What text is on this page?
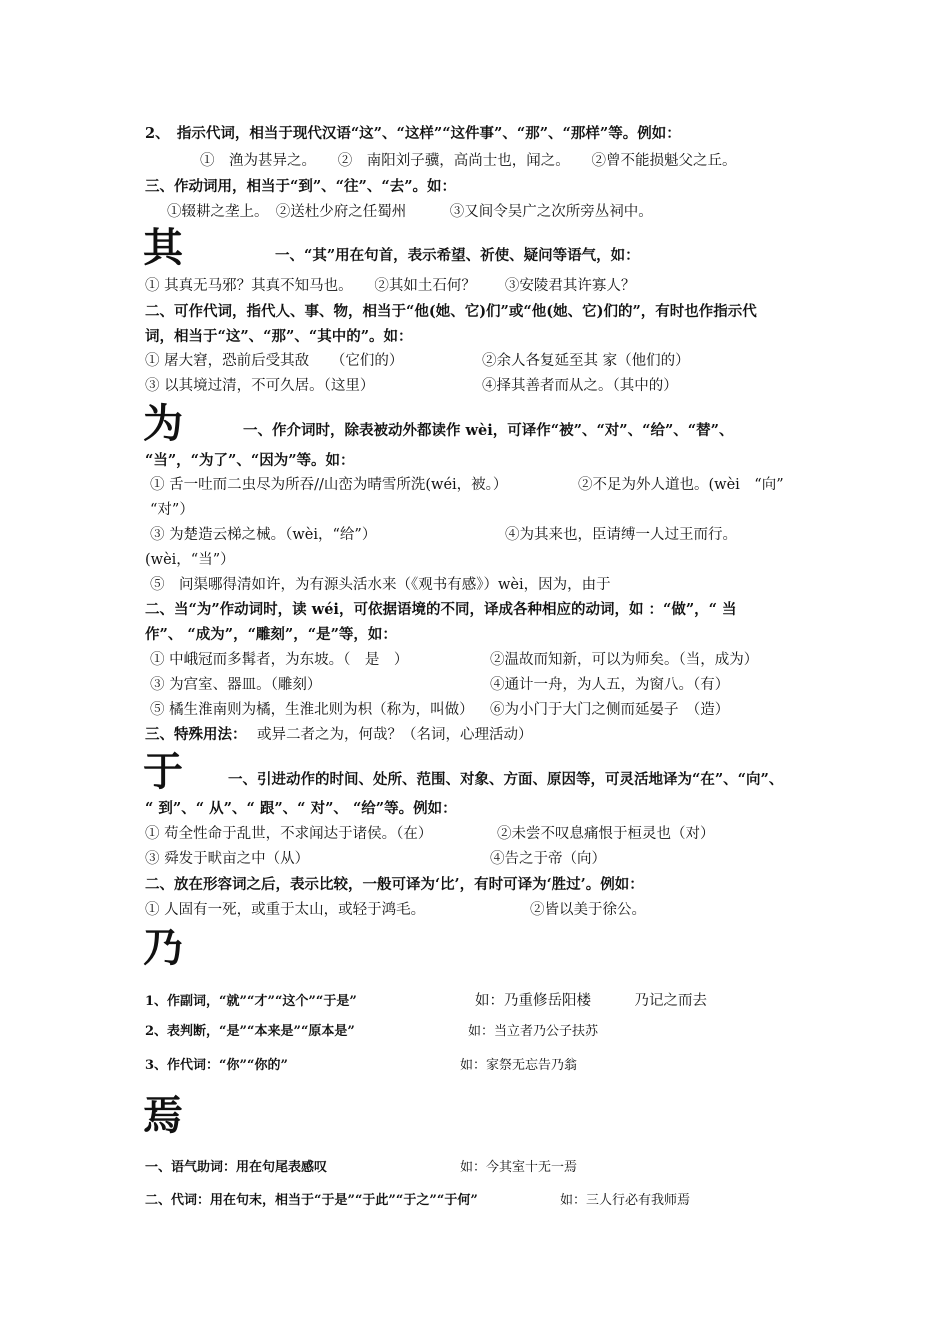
2、　指示代词，相当于现代汉语“这”、“这样”“这件事”、“那”、“那样”等。例如：
①　渔为甚异之。　　②　南阳刘子骥，高尚士也，闻之。　　②曾不能损魁父之丘。
三、作动词用，相当于“到”、“往”、“去”。如：
①辍耕之垄上。　②送杜少府之任蜀州　　　③又间令吴广之次所旁丛祠中。
其	一、“其”用在句首，表示希望、祈使、疑问等语气，如：
① 其真无马邪？其真不知马也。　　②其如土石何？　　③安陵君其许寡人？
二、可作代词，指代人、事、物，相当于“他(她、它)们”或“他(她、它)们的”，有时也作指示代
词，相当于“这”、“那”、“其中的”。如：
① 屠大窘，恐前后受其敌　　（它们的）	②余人各复延至其 家（他们的）
③ 以其境过清，不可久居。（这里）	④择其善者而从之。（其中的）
为	一、作介词时，除表被动外都读作 wèi，可译作“被”、“对”、“给”、“替”、
“当”，“为了”、“因为”等。如：
① 舌一吐而二虫尽为所吞//山峦为晴雪所洗(wéi，被。）	②不足为外人道也。(wèi　“向”
“对”）
③ 为楚造云梯之械。（wèi，“给”）	④为其来也，臣请缚一人过王而行。
(wèi，“当”）
⑤　问渠哪得清如许，为有源头活水来（《观书有感》）wèi，因为，由于
二、当“为”作动词时，读 wéi，可依据语境的不同，译成各种相应的动词，如 ：“做”，“ 当
作”、 “成为”，“雕刻”，“是”等，如：
① 中峨冠而多髯者，为东坡。（　是　）	②温故而知新，可以为师矣。（当，成为）
③ 为宫室、器皿。（雕刻）	④通计一舟，为人五，为窗八。（有）
⑤ 橘生淮南则为橘，生淮北则为枳（称为，叫做） ⑥为小门于大门之侧而延晏子　（造）
三、特殊用法： 或异二者之为，何哉？（名词，心理活动）
于	一、引进动作的时间、处所、范围、对象、方面、原因等，可灵活地译为“在”、“向”、
“ 到”、“ 从”、“ 跟”、“ 对”、 “给”等。例如：
① 苟全性命于乱世，不求闻达于诸侯。（在）	②未尝不叹息痛恨于桓灵也（对）
③ 舜发于畎亩之中（从）	④告之于帝（向）
二、放在形容词之后，表示比较，一般可译为‘比’，有时可译为‘胜过’。例如：
① 人固有一死，或重于太山，或轻于鸿毛。	②皆以美于徐公。
乃
1、作副词，“就”“才”“这个”“于是”	如：乃重修岳阳楼　　　乃记之而去
2、表判断，“是”“本来是”“原本是”	如：当立者乃公子扶苏
3、作代词：“你”“你的”	如：家祭无忘告乃翁
焉
一、语气助词：用在句尾表感叹	如：今其室十无一焉
二、代词：用在句末，相当于“于是”“于此”“于之”“于何”	如：三人行必有我师焉
